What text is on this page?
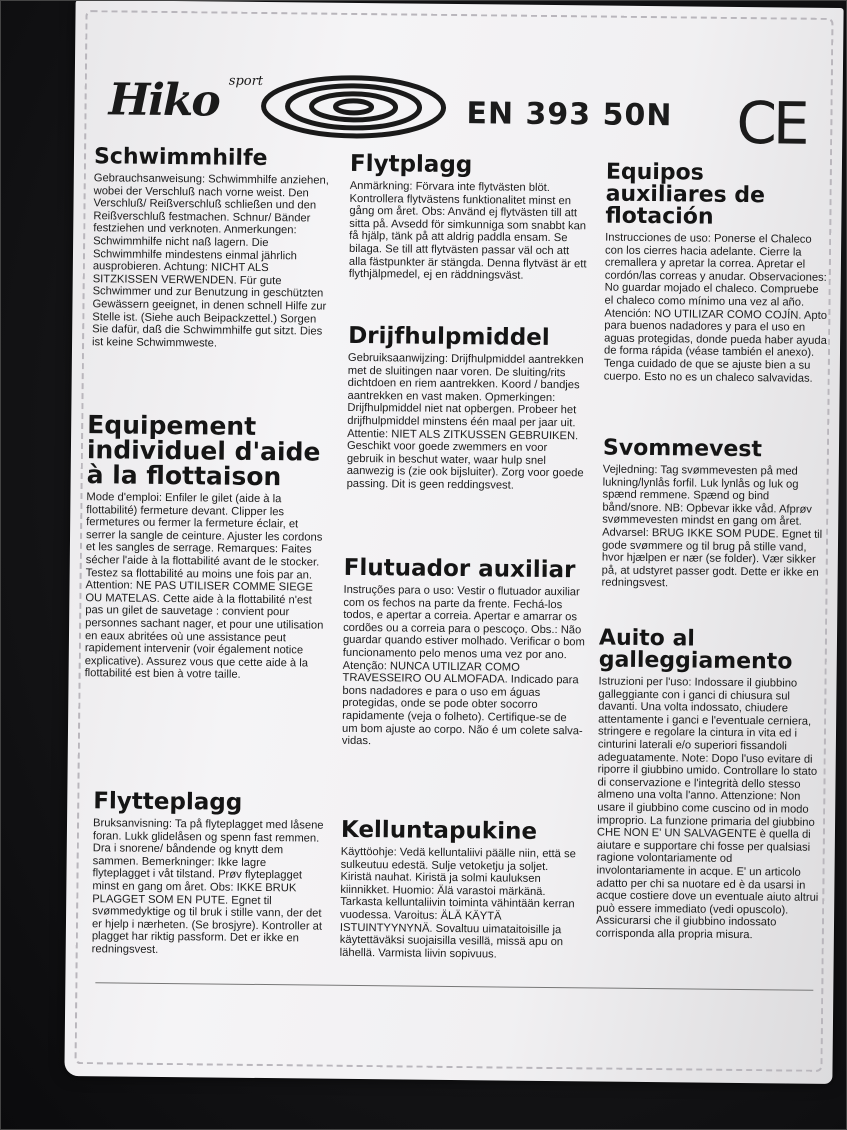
Hiko sport
EN 393 50N CE
Schwimmhilfe

Gebrauchsanweisung: Schwimmhilfe anziehen, wobei der Verschluß nach vorne weist. Den Verschluß/ Reißverschluß schließen und den Reißverschluß festmachen. Schnur/ Bänder festziehen und verknoten. Anmerkungen: Schwimmhilfe nicht naß lagern. Die Schwimmhilfe mindestens einmal jährlich ausprobieren. Achtung: NICHT ALS SITZKISSEN VERWENDEN. Für gute Schwimmer und zur Benutzung in geschützten Gewässern geeignet, in denen schnell Hilfe zur Stelle ist. (Siehe auch Beipackzettel.) Sorgen Sie dafür, daß die Schwimmhilfe gut sitzt. Dies ist keine Schwimmweste.

Equipement individuel d'aide à la flottaison

Mode d'emploi: Enfiler le gilet (aide à la flottabilité) fermeture devant. Clipper les fermetures ou fermer la fermeture éclair, et serrer la sangle de ceinture. Ajuster les cordons et les sangles de serrage. Remarques: Faites sécher l'aide à la flottabilité avant de le stocker. Testez sa flottabilité au moins une fois par an. Attention: NE PAS UTILISER COMME SIEGE OU MATELAS. Cette aide à la flottabilité n'est pas un gilet de sauvetage : convient pour personnes sachant nager, et pour une utilisation en eaux abritées où une assistance peut rapidement intervenir (voir également notice explicative). Assurez vous que cette aide à la flottabilité est bien à votre taille.

Flytteplagg

Bruksanvisning: Ta på flyteplagget med låsene foran. Lukk glidelåsen og spenn fast remmen. Dra i snorene/ båndende og knytt dem sammen. Bemerkninger: Ikke lagre flyteplagget i våt tilstand. Prøv flyteplagget minst en gang om året. Obs: IKKE BRUK PLAGGET SOM EN PUTE. Egnet til svømmedyktige og til bruk i stille vann, der det er hjelp i nærheten. (Se brosjyre). Kontroller at plagget har riktig passform. Det er ikke en redningsvest.

Flytplagg

Anmärkning: Förvara inte flytvästen blöt. Kontrollera flytvästens funktionalitet minst en gång om året. Obs: Använd ej flytvästen till att sitta på. Avsedd för simkunniga som snabbt kan få hjälp, tänk på att aldrig paddla ensam. Se bilaga. Se till att flytvästen passar väl och att alla fästpunkter är stängda. Denna flytväst är ett flythjälpmedel, ej en räddningsväst.

Drijfhulpmiddel

Gebruiksaanwijzing: Drijfhulpmiddel aantrekken met de sluitingen naar voren. De sluiting/rits dichtdoen en riem aantrekken. Koord / bandjes aantrekken en vast maken. Opmerkingen: Drijfhulpmiddel niet nat opbergen. Probeer het drijfhulpmiddel minstens één maal per jaar uit. Attentie: NIET ALS ZITKUSSEN GEBRUIKEN. Geschikt voor goede zwemmers en voor gebruik in beschut water, waar hulp snel aanwezig is (zie ook bijsluiter). Zorg voor goede passing. Dit is geen reddingsvest.

Flutuador auxiliar

Instruções para o uso: Vestir o flutuador auxiliar com os fechos na parte da frente. Fechá-los todos, e apertar a correia. Apertar e amarrar os cordões ou a correia para o pescoço. Obs.: Não guardar quando estiver molhado. Verificar o bom funcionamento pelo menos uma vez por ano. Atenção: NUNCA UTILIZAR COMO TRAVESSEIRO OU ALMOFADA. Indicado para bons nadadores e para o uso em águas protegidas, onde se pode obter socorro rapidamente (veja o folheto). Certifique-se de um bom ajuste ao corpo. Não é um colete salva-vidas.

Kelluntapukine

Käyttöohje: Vedä kelluntaliivi päälle niin, että se sulkeutuu edestä. Sulje vetoketju ja soljet. Kiristä nauhat. Kiristä ja solmi kauluksen kiinnikket. Huomio: Älä varastoi märkänä. Tarkasta kelluntaliivin toiminta vähintään kerran vuodessa. Varoitus: ÄLÄ KÄYTÄ ISTUINTYYNYNÄ. Sovaltuu uimataitoisille ja käytettäväksi suojaisilla vesillä, missä apu on lähellä. Varmista liivin sopivuus.

Equipos auxiliares de flotación

Instrucciones de uso: Ponerse el Chaleco con los cierres hacia adelante. Cierre la cremallera y apretar la correa. Apretar el cordón/las correas y anudar. Observaciones: No guardar mojado el chaleco. Compruebe el chaleco como mínimo una vez al año. Atención: NO UTILIZAR COMO COJÍN. Apto para buenos nadadores y para el uso en aguas protegidas, donde pueda haber ayuda de forma rápida (véase también el anexo). Tenga cuidado de que se ajuste bien a su cuerpo. Esto no es un chaleco salvavidas.

Svommevest

Vejledning: Tag svømmevesten på med lukning/lynlås forfil. Luk lynlås og luk og spænd remmene. Spænd og bind bånd/snore. NB: Opbevar ikke våd. Afprøv svømmevesten mindst en gang om året. Advarsel: BRUG IKKE SOM PUDE. Egnet til gode svømmere og til brug på stille vand, hvor hjælpen er nær (se folder). Vær sikker på, at udstyret passer godt. Dette er ikke en redningsvest.

Auito al galleggiamento

Istruzioni per l'uso: Indossare il giubbino galleggiante con i ganci di chiusura sul davanti. Una volta indossato, chiudere attentamente i ganci e l'eventuale cerniera, stringere e regolare la cintura in vita ed i cinturini laterali e/o superiori fissandoli adeguatamente. Note: Dopo l'uso evitare di riporre il giubbino umido. Controllare lo stato di conservazione e l'integrità dello stesso almeno una volta l'anno. Attenzione: Non usare il giubbino come cuscino od in modo improprio. La funzione primaria del giubbino CHE NON E' UN SALVAGENTE è quella di aiutare e supportare chi fosse per qualsiasi ragione volontariamente od involontariamente in acque. E' un articolo adatto per chi sa nuotare ed è da usarsi in acque costiere dove un eventuale aiuto altrui può essere immediato (vedi opuscolo). Assicurarsi che il giubbino indossato corrisponda alla propria misura.
